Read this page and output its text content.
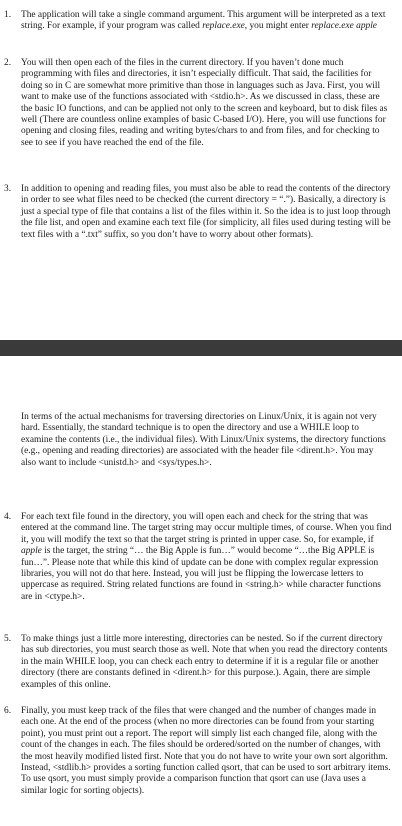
1.	The application will take a single command argument. This argument will be interpreted as a text string. For example, if your program was called replace.exe, you might enter replace.exe apple
2.	You will then open each of the files in the current directory. If you haven’t done much programming with files and directories, it isn’t especially difficult. That said, the facilities for doing so in C are somewhat more primitive than those in languages such as Java. First, you will want to make use of the functions associated with <stdio.h>. As we discussed in class, these are the basic IO functions, and can be applied not only to the screen and keyboard, but to disk files as well (There are countless online examples of basic C-based I/O). Here, you will use functions for opening and closing files, reading and writing bytes/chars to and from files, and for checking to see to see if you have reached the end of the file.
3.	In addition to opening and reading files, you must also be able to read the contents of the directory in order to see what files need to be checked (the current directory = “.”). Basically, a directory is just a special type of file that contains a list of the files within it. So the idea is to just loop through the file list, and open and examine each text file (for simplicity, all files used during testing will be text files with a “.txt” suffix, so you don’t have to worry about other formats).
In terms of the actual mechanisms for traversing directories on Linux/Unix, it is again not very hard. Essentially, the standard technique is to open the directory and use a WHILE loop to examine the contents (i.e., the individual files). With Linux/Unix systems, the directory functions (e.g., opening and reading directories) are associated with the header file <dirent.h>. You may also want to include <unistd.h> and <sys/types.h>.
4.	For each text file found in the directory, you will open each and check for the string that was entered at the command line. The target string may occur multiple times, of course. When you find it, you will modify the text so that the target string is printed in upper case. So, for example, if apple is the target, the string “… the Big Apple is fun…” would become “…the Big APPLE is fun…”. Please note that while this kind of update can be done with complex regular expression libraries, you will not do that here. Instead, you will just be flipping the lowercase letters to uppercase as required. String related functions are found in <string.h> while character functions are in <ctype.h>.
5.	To make things just a little more interesting, directories can be nested. So if the current directory has sub directories, you must search those as well. Note that when you read the directory contents in the main WHILE loop, you can check each entry to determine if it is a regular file or another directory (there are constants defined in <dirent.h> for this purpose.). Again, there are simple examples of this online.
6.	Finally, you must keep track of the files that were changed and the number of changes made in each one. At the end of the process (when no more directories can be found from your starting point), you must print out a report. The report will simply list each changed file, along with the count of the changes in each. The files should be ordered/sorted on the number of changes, with the most heavily modified listed first. Note that you do not have to write your own sort algorithm. Instead, <stdlib.h> provides a sorting function called qsort, that can be used to sort arbitrary items. To use qsort, you must simply provide a comparison function that qsort can use (Java uses a similar logic for sorting objects).
